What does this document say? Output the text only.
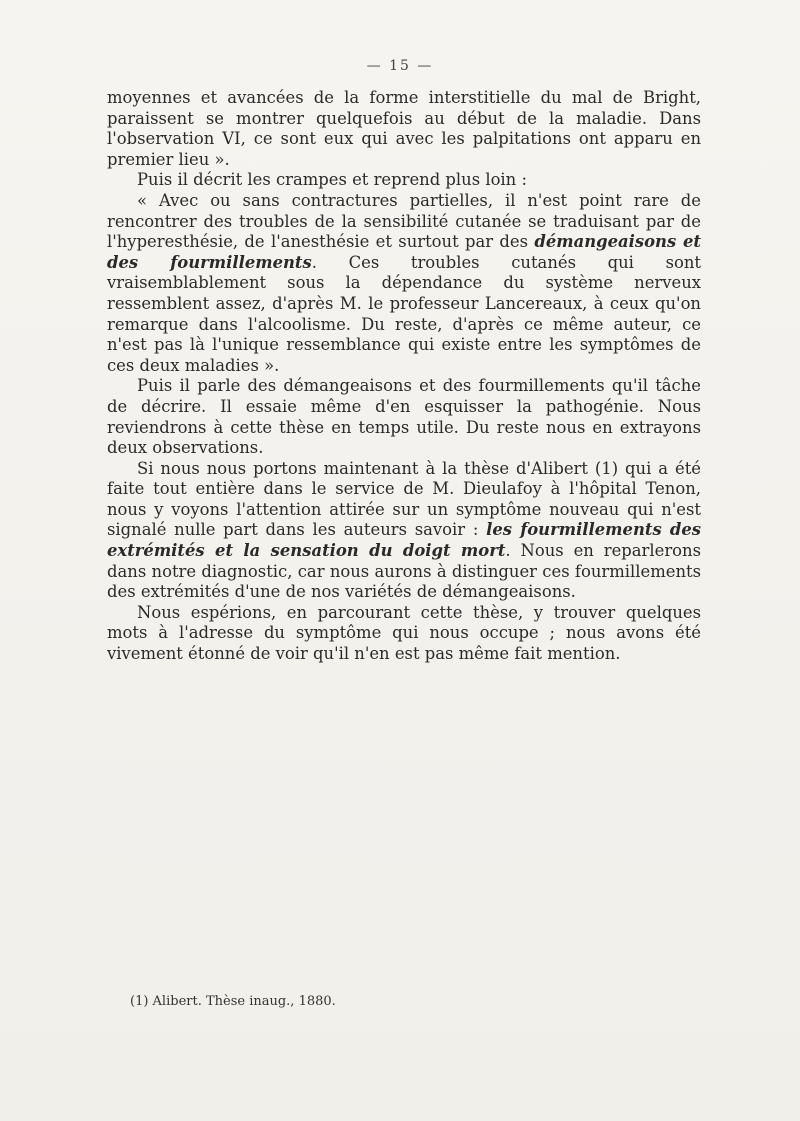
— 15 —

moyennes et avancées de la forme interstitielle du mal de Bright, paraissent se montrer quelquefois au début de la maladie. Dans l'observation VI, ce sont eux qui avec les palpitations ont apparu en premier lieu ».

Puis il décrit les crampes et reprend plus loin :

« Avec ou sans contractures partielles, il n'est point rare de rencontrer des troubles de la sensibilité cutanée se traduisant par de l'hyperesthésie, de l'anesthésie et surtout par des démangeaisons et des fourmillements. Ces troubles cutanés qui sont vraisemblablement sous la dépendance du système nerveux ressemblent assez, d'après M. le professeur Lancereaux, à ceux qu'on remarque dans l'alcoolisme. Du reste, d'après ce même auteur, ce n'est pas là l'unique ressemblance qui existe entre les symptômes de ces deux maladies ».

Puis il parle des démangeaisons et des fourmillements qu'il tâche de décrire. Il essaie même d'en esquisser la pathogénie. Nous reviendrons à cette thèse en temps utile. Du reste nous en extrayons deux observations.

Si nous nous portons maintenant à la thèse d'Alibert (1) qui a été faite tout entière dans le service de M. Dieulafoy à l'hôpital Tenon, nous y voyons l'attention attirée sur un symptôme nouveau qui n'est signalé nulle part dans les auteurs savoir : les fourmillements des extrémités et la sensation du doigt mort. Nous en reparlerons dans notre diagnostic, car nous aurons à distinguer ces fourmillements des extrémités d'une de nos variétés de démangeaisons.

Nous espérions, en parcourant cette thèse, y trouver quelques mots à l'adresse du symptôme qui nous occupe ; nous avons été vivement étonné de voir qu'il n'en est pas même fait mention.

(1) Alibert. Thèse inaug., 1880.
